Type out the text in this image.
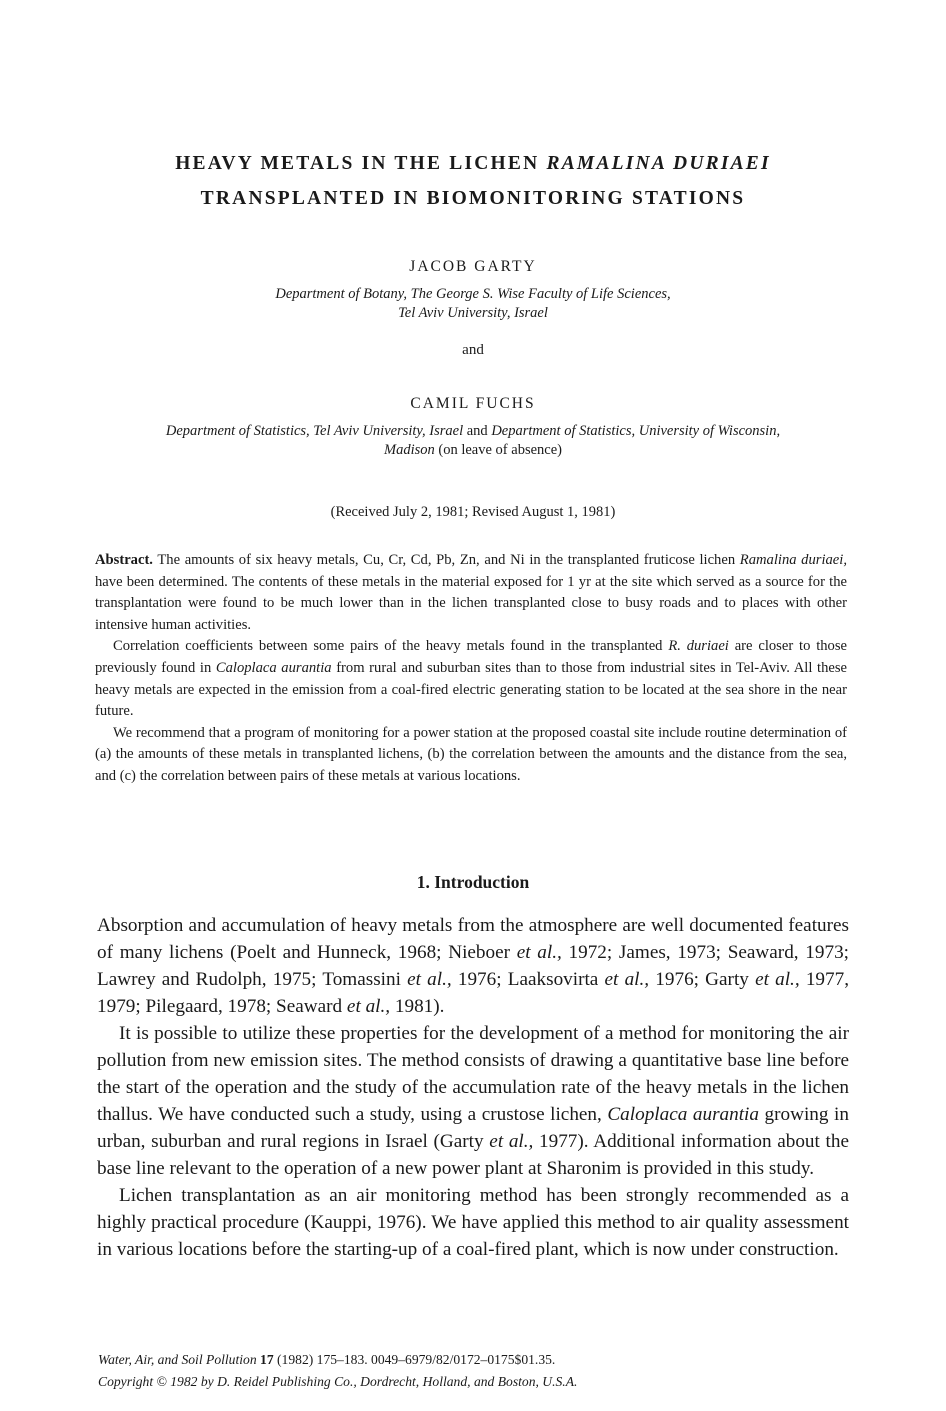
HEAVY METALS IN THE LICHEN RAMALINA DURIAEI
TRANSPLANTED IN BIOMONITORING STATIONS
JACOB GARTY
Department of Botany, The George S. Wise Faculty of Life Sciences,
Tel Aviv University, Israel
and
CAMIL FUCHS
Department of Statistics, Tel Aviv University, Israel and Department of Statistics, University of Wisconsin,
Madison (on leave of absence)
(Received July 2, 1981; Revised August 1, 1981)

Abstract. The amounts of six heavy metals, Cu, Cr, Cd, Pb, Zn, and Ni in the transplanted fruticose lichen Ramalina duriaei, have been determined. The contents of these metals in the material exposed for 1 yr at the site which served as a source for the transplantation were found to be much lower than in the lichen transplanted close to busy roads and to places with other intensive human activities.

Correlation coefficients between some pairs of the heavy metals found in the transplanted R. duriaei are closer to those previously found in Caloplaca aurantia from rural and suburban sites than to those from industrial sites in Tel-Aviv. All these heavy metals are expected in the emission from a coal-fired electric generating station to be located at the sea shore in the near future.

We recommend that a program of monitoring for a power station at the proposed coastal site include routine determination of (a) the amounts of these metals in transplanted lichens, (b) the correlation between the amounts and the distance from the sea, and (c) the correlation between pairs of these metals at various locations.

1. Introduction

Absorption and accumulation of heavy metals from the atmosphere are well documented features of many lichens (Poelt and Hunneck, 1968; Nieboer et al., 1972; James, 1973; Seaward, 1973; Lawrey and Rudolph, 1975; Tomassini et al., 1976; Laaksovirta et al., 1976; Garty et al., 1977, 1979; Pilegaard, 1978; Seaward et al., 1981).

It is possible to utilize these properties for the development of a method for monitoring the air pollution from new emission sites. The method consists of drawing a quantitative base line before the start of the operation and the study of the accumulation rate of the heavy metals in the lichen thallus. We have conducted such a study, using a crustose lichen, Caloplaca aurantia growing in urban, suburban and rural regions in Israel (Garty et al., 1977). Additional information about the base line relevant to the operation of a new power plant at Sharonim is provided in this study.

Lichen transplantation as an air monitoring method has been strongly recommended as a highly practical procedure (Kauppi, 1976). We have applied this method to air quality assessment in various locations before the starting-up of a coal-fired plant, which is now under construction.

Water, Air, and Soil Pollution 17 (1982) 175–183. 0049–6979/82/0172–0175$01.35.
Copyright © 1982 by D. Reidel Publishing Co., Dordrecht, Holland, and Boston, U.S.A.
